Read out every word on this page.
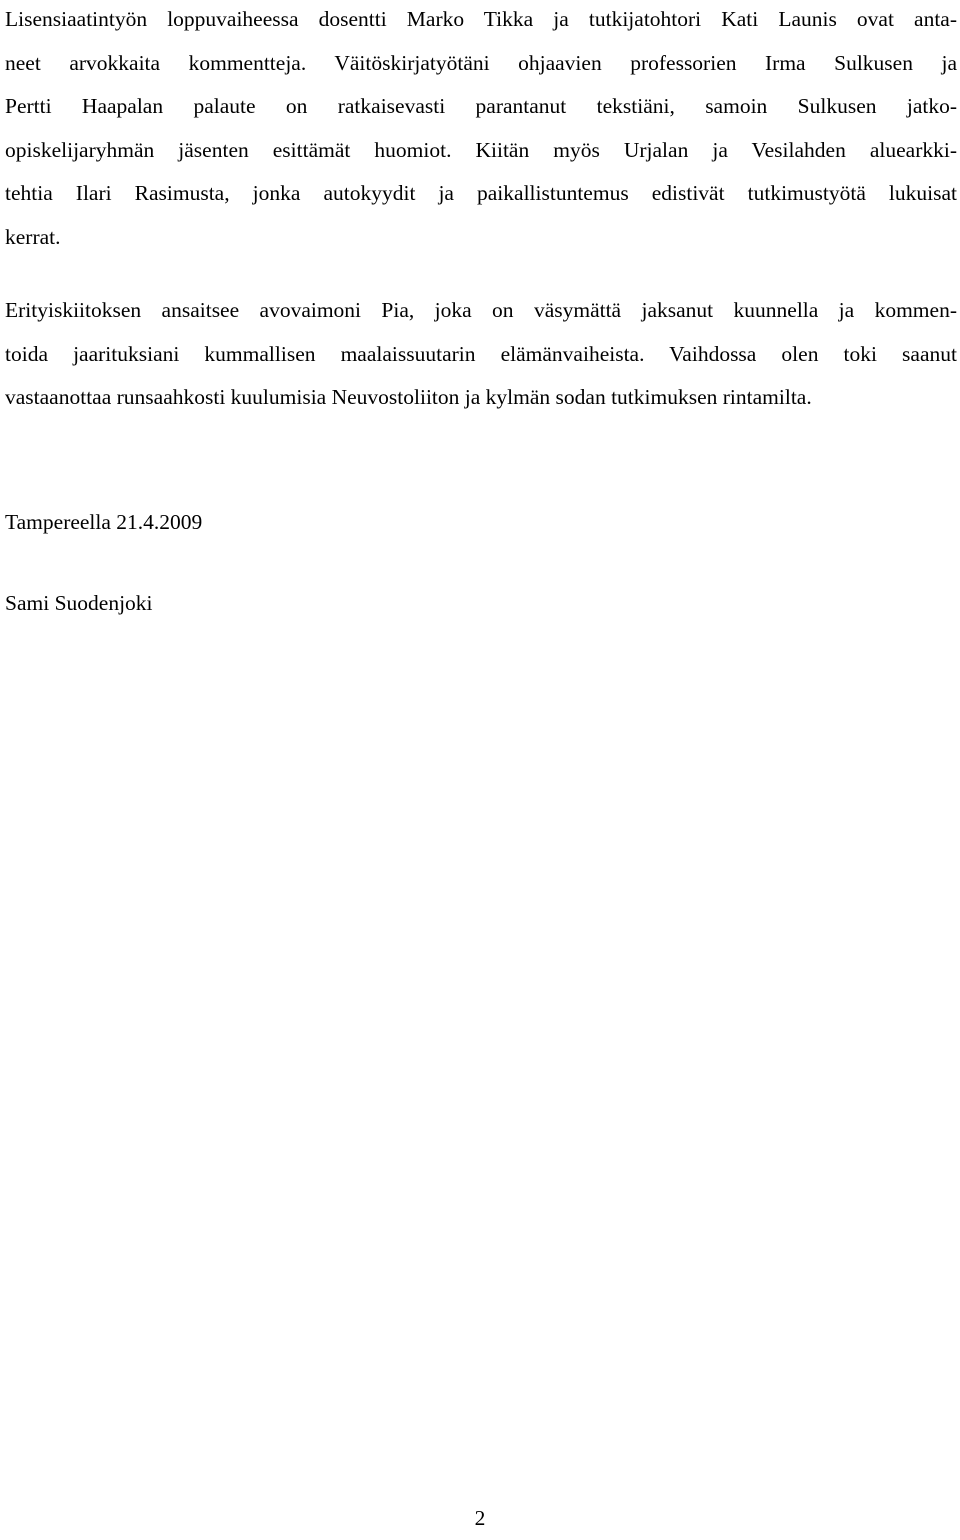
Lisensiaatintyön loppuvaiheessa dosentti Marko Tikka ja tutkijatohtori Kati Launis ovat anta-
neet arvokkaita kommentteja. Väitöskirjatyötäni ohjaavien professorien Irma Sulkusen ja
Pertti Haapalan palaute on ratkaisevasti parantanut tekstiäni, samoin Sulkusen jatko-
opiskelijaryhmän jäsenten esittämät huomiot. Kiitän myös Urjalan ja Vesilahden aluearkki-
tehtia Ilari Rasimusta, jonka autokyydit ja paikallistuntemus edistivät tutkimustyötä lukuisat
kerrat.

Erityiskiitoksen ansaitsee avovaimoni Pia, joka on väsymättä jaksanut kuunnella ja kommen-
toida jaarituksiani kummallisen maalaissuutarin elämänvaiheista. Vaihdossa olen toki saanut
vastaanottaa runsaahkosti kuulumisia Neuvostoliiton ja kylmän sodan tutkimuksen rintamilta.

Tampereella 21.4.2009

Sami Suodenjoki

2
